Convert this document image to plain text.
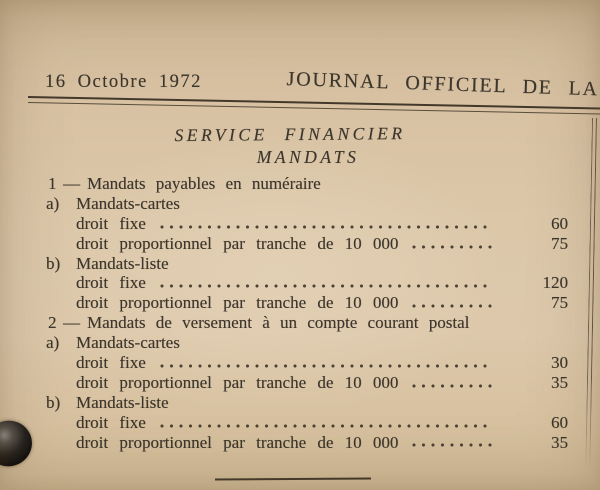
16 Octobre 1972	JOURNAL OFFICIEL DE LA
SERVICE FINANCIER
MANDATS
1 — Mandats payables en numéraire
a) Mandats-cartes
droit fixe	60
droit proportionnel par tranche de 10 000	75
b) Mandats-liste
droit fixe	120
droit proportionnel par tranche de 10 000	75
2 — Mandats de versement à un compte courant postal
a) Mandats-cartes
droit fixe	30
droit proportionnel par tranche de 10 000	35
b) Mandats-liste
droit fixe	60
droit proportionnel par tranche de 10 000	35
